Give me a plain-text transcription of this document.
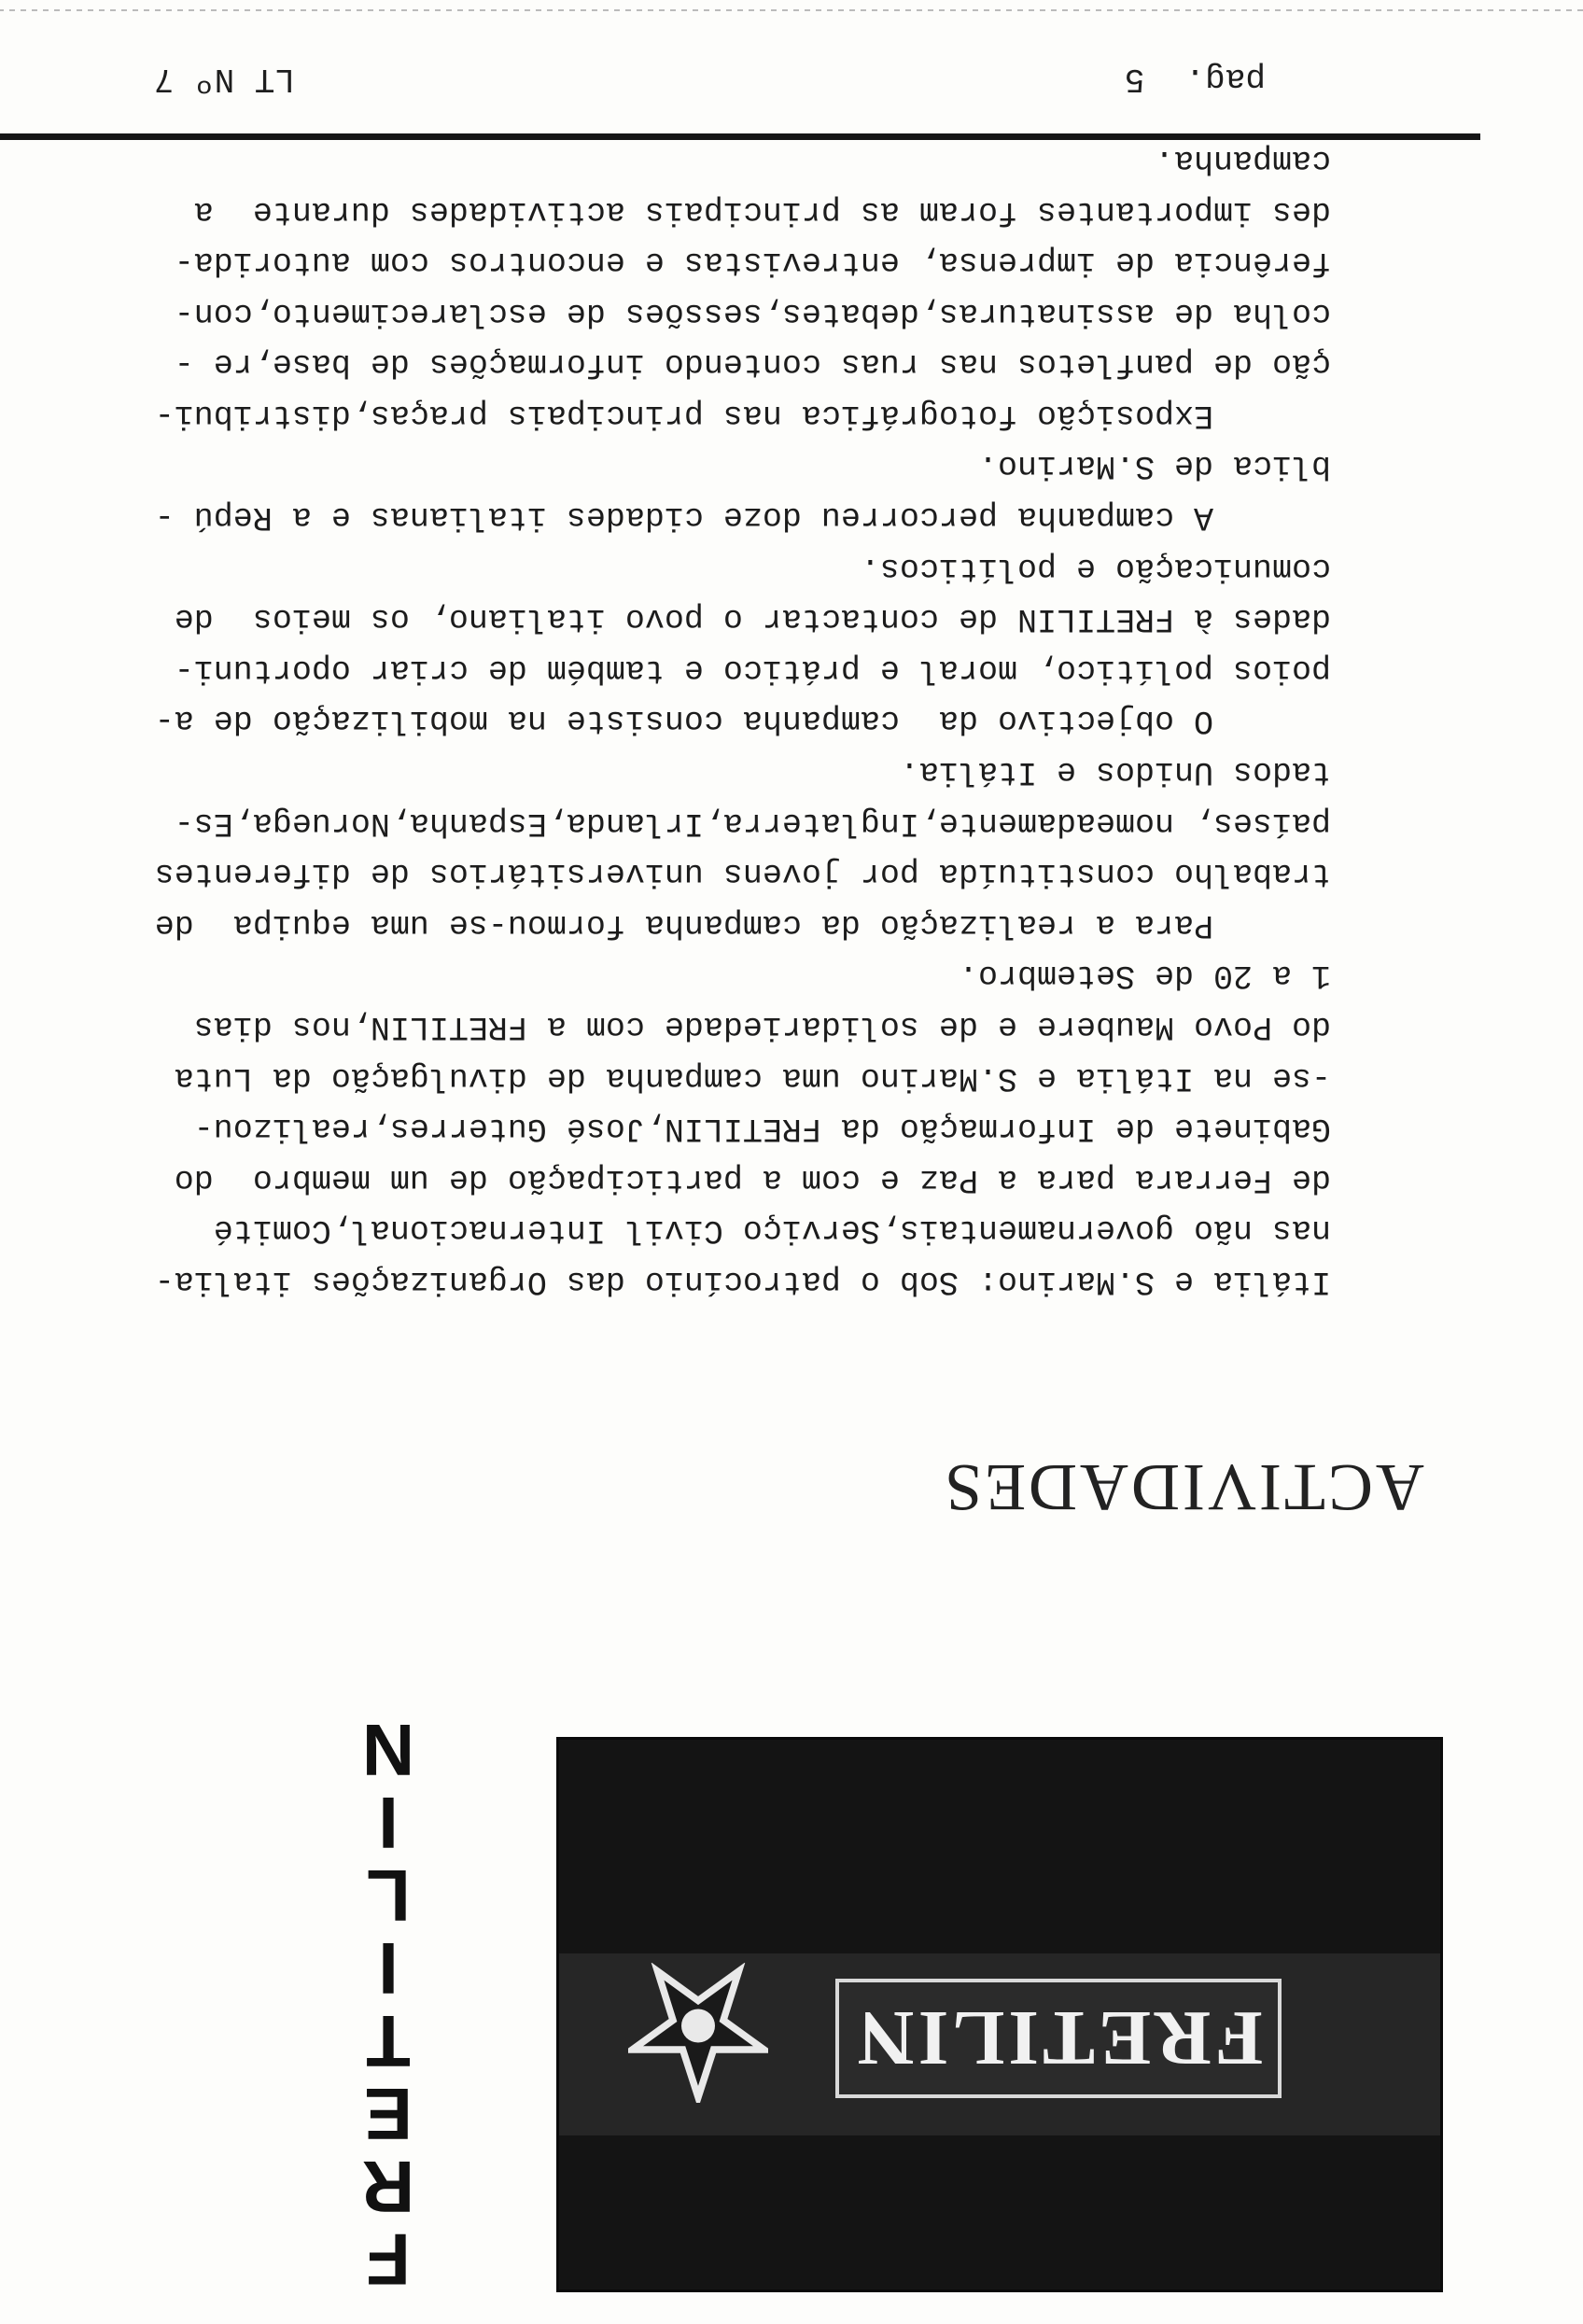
FRETILIN
F
R
E
T
I
L
I
N
ACTIVIDADES

Itália e S.Marino: Sob o patrocínio das Organizações italia-

nas não governamentais,Serviço Civil Internacional,Comité

de Ferrara para a Paz e com a participação de um membro  do

Gabinete de Informação da FRETILIN,José Guterres,realizou-

-se na Itália e S.Marino uma campanha de divulgação da Luta

do Povo Maubere e de solidariedade com a FRETILIN,nos dias

1 a 20 de Setembro.

Para a realização da campanha formou-se uma equipa  de

trabalho constituída por jovens universitários de diferentes

países, nomeadamente,Inglaterra,Irlanda,Espanha,Noruega,Es-

tados Unidos e Itália.

O objectivo da  campanha consiste na mobilização de a-

poios político, moral e prático e também de criar oportuni-

dades à FRETILIN de contactar o povo italiano, os meios  de

comunicação e políticos.

A campanha percorreu doze cidades italianas e a Repú -

blica de S.Marino.

Exposição fotográfica nas principais praças,distribui-

ção de panfletos nas ruas contendo informações de base,re -

colha de assinaturas,debates,sessões de esclarecimento,con-

ferência de imprensa, entrevistas e encontros com autorida-

des importantes foram as principais actividades durante  a

campanha.

pag.  5
LT Nº 7
